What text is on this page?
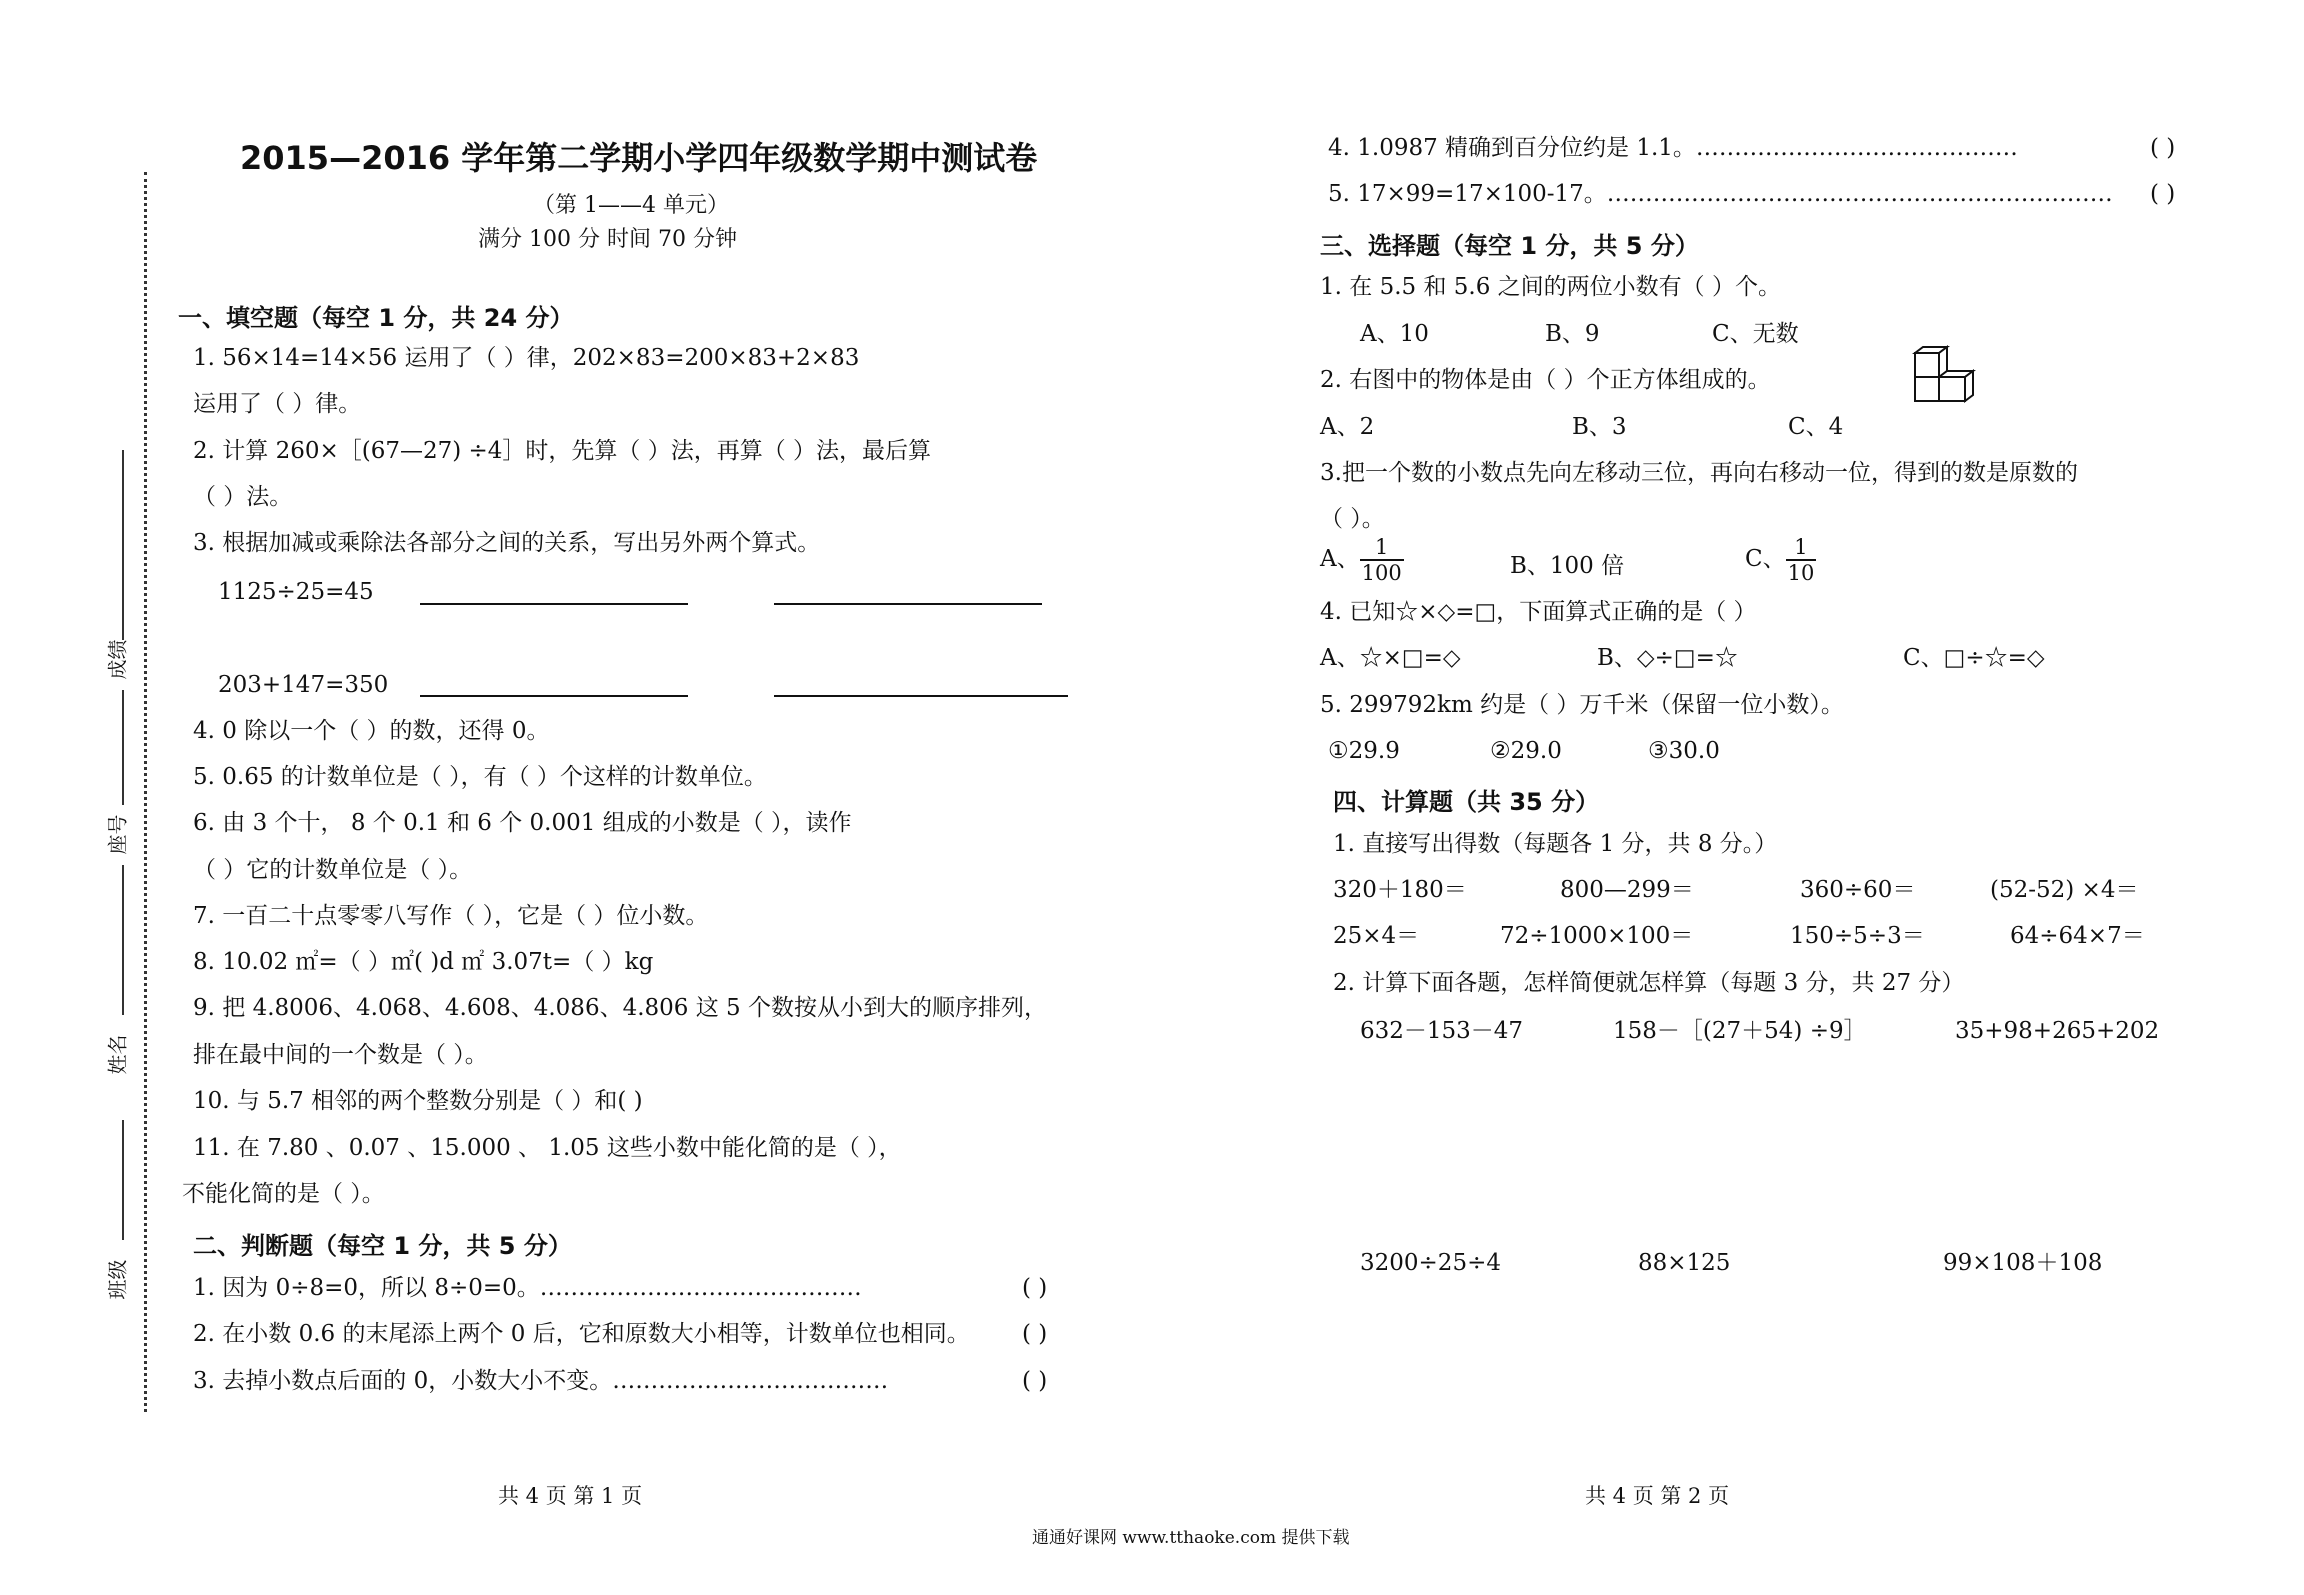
成绩
座号
姓名
班级
2015—2016 学年第二学期小学四年级数学期中测试卷
（第 1——4 单元）
满分 100 分 时间 70 分钟
一、填空题（每空 1 分，共 24 分）
1. 56×14=14×56 运用了（ ）律，202×83=200×83+2×83
运用了（ ）律。
2. 计算 260×［(67—27) ÷4］时，先算（ ）法，再算（ ）法，最后算
（ ）法。
3. 根据加减或乘除法各部分之间的关系，写出另外两个算式。
1125÷25=45
203+147=350
4. 0 除以一个（ ）的数，还得 0。
5. 0.65 的计数单位是（ ），有（ ）个这样的计数单位。
6. 由 3 个十， 8 个 0.1 和 6 个 0.001 组成的小数是（ ），读作
（ ）它的计数单位是（ ）。
7. 一百二十点零零八写作（ ），它是（ ）位小数。
8. 10.02 ㎡=（ ）㎡( )d ㎡ 3.07t=（ ）kg
9. 把 4.8006、4.068、4.608、4.086、4.806 这 5 个数按从小到大的顺序排列，
排在最中间的一个数是（ ）。
10. 与 5.7 相邻的两个整数分别是（ ）和( )
11. 在 7.80 、0.07 、15.000 、 1.05 这些小数中能化简的是（ ），
不能化简的是（ ）。
二、判断题（每空 1 分，共 5 分）
1. 因为 0÷8=0，所以 8÷0=0。……………………………………	( )
2. 在小数 0.6 的末尾添上两个 0 后，它和原数大小相等，计数单位也相同。 ( )
3. 去掉小数点后面的 0，小数大小不变。………………………………	( )
共 4 页 第 1 页
4. 1.0987 精确到百分位约是 1.1。……………………………………	( )
5. 17×99=17×100-17。………………………………………………………… ( )
三、选择题（每空 1 分，共 5 分）
1. 在 5.5 和 5.6 之间的两位小数有（ ）个。
A、10	B、9	C、无数
2. 右图中的物体是由（ ）个正方体组成的。
A、2	B、3	C、4
3.把一个数的小数点先向左移动三位，再向右移动一位，得到的数是原数的
（ ）。
A、 $\frac{1}{100}$	B、100 倍	C、 $\frac{1}{10}$
4. 已知☆×◇=□，下面算式正确的是（ ）
A、☆×□=◇	B、◇÷□=☆	C、□÷☆=◇
5. 299792km 约是（ ）万千米（保留一位小数）。
①29.9	②29.0	③30.0
四、计算题（共 35 分）
1. 直接写出得数（每题各 1 分，共 8 分。）
320＋180＝	800—299＝	360÷60＝	(52-52) ×4＝
25×4＝	72÷1000×100＝	150÷5÷3＝	64÷64×7＝
2. 计算下面各题，怎样简便就怎样算（每题 3 分，共 27 分）
632－153－47	158－［(27＋54) ÷9］	35+98+265+202
3200÷25÷4	88×125	99×108＋108
共 4 页 第 2 页
通通好课网 www.tthaoke.com 提供下载
